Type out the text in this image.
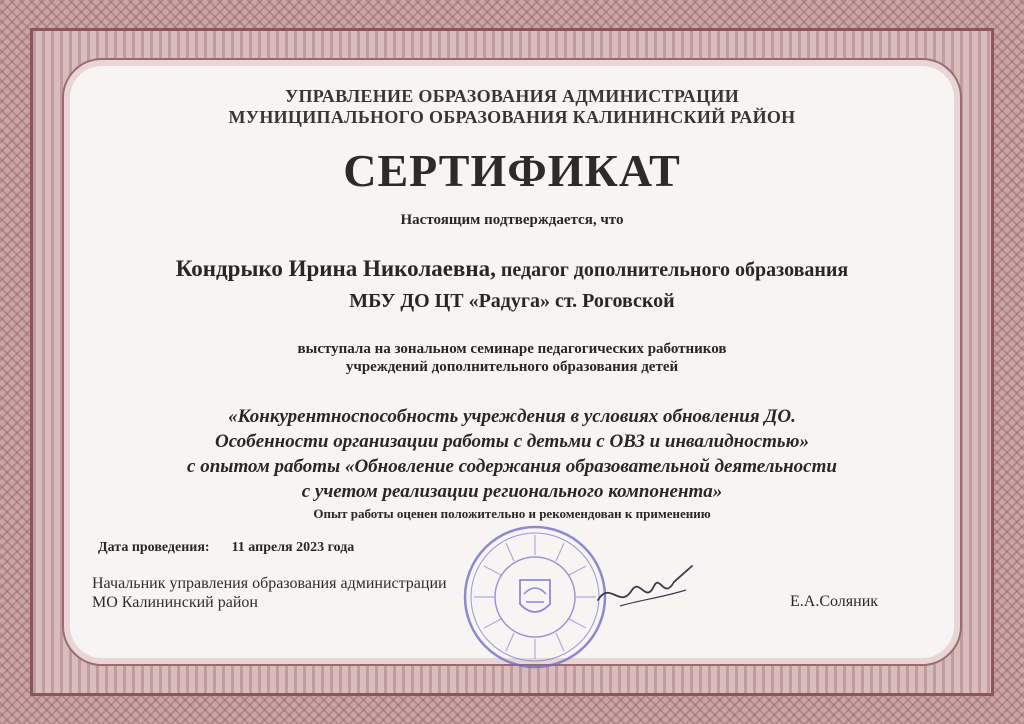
УПРАВЛЕНИЕ ОБРАЗОВАНИЯ АДМИНИСТРАЦИИ
МУНИЦИПАЛЬНОГО ОБРАЗОВАНИЯ КАЛИНИНСКИЙ РАЙОН
СЕРТИФИКАТ
Настоящим подтверждается, что
Кондрыко Ирина Николаевна, педагог дополнительного образования
МБУ ДО ЦТ «Радуга» ст. Роговской
выступала на зональном семинаре педагогических работников
учреждений дополнительного образования детей
«Конкурентноспособность учреждения в условиях обновления ДО.
Особенности организации работы с детьми с ОВЗ и инвалидностью»
с опытом работы «Обновление содержания образовательной деятельности
с учетом реализации регионального компонента»
Опыт работы оценен положительно и рекомендован к применению
Дата проведения: 11 апреля 2023 года
Начальник управления образования администрации
МО Калининский район	Е.А.Соляник
